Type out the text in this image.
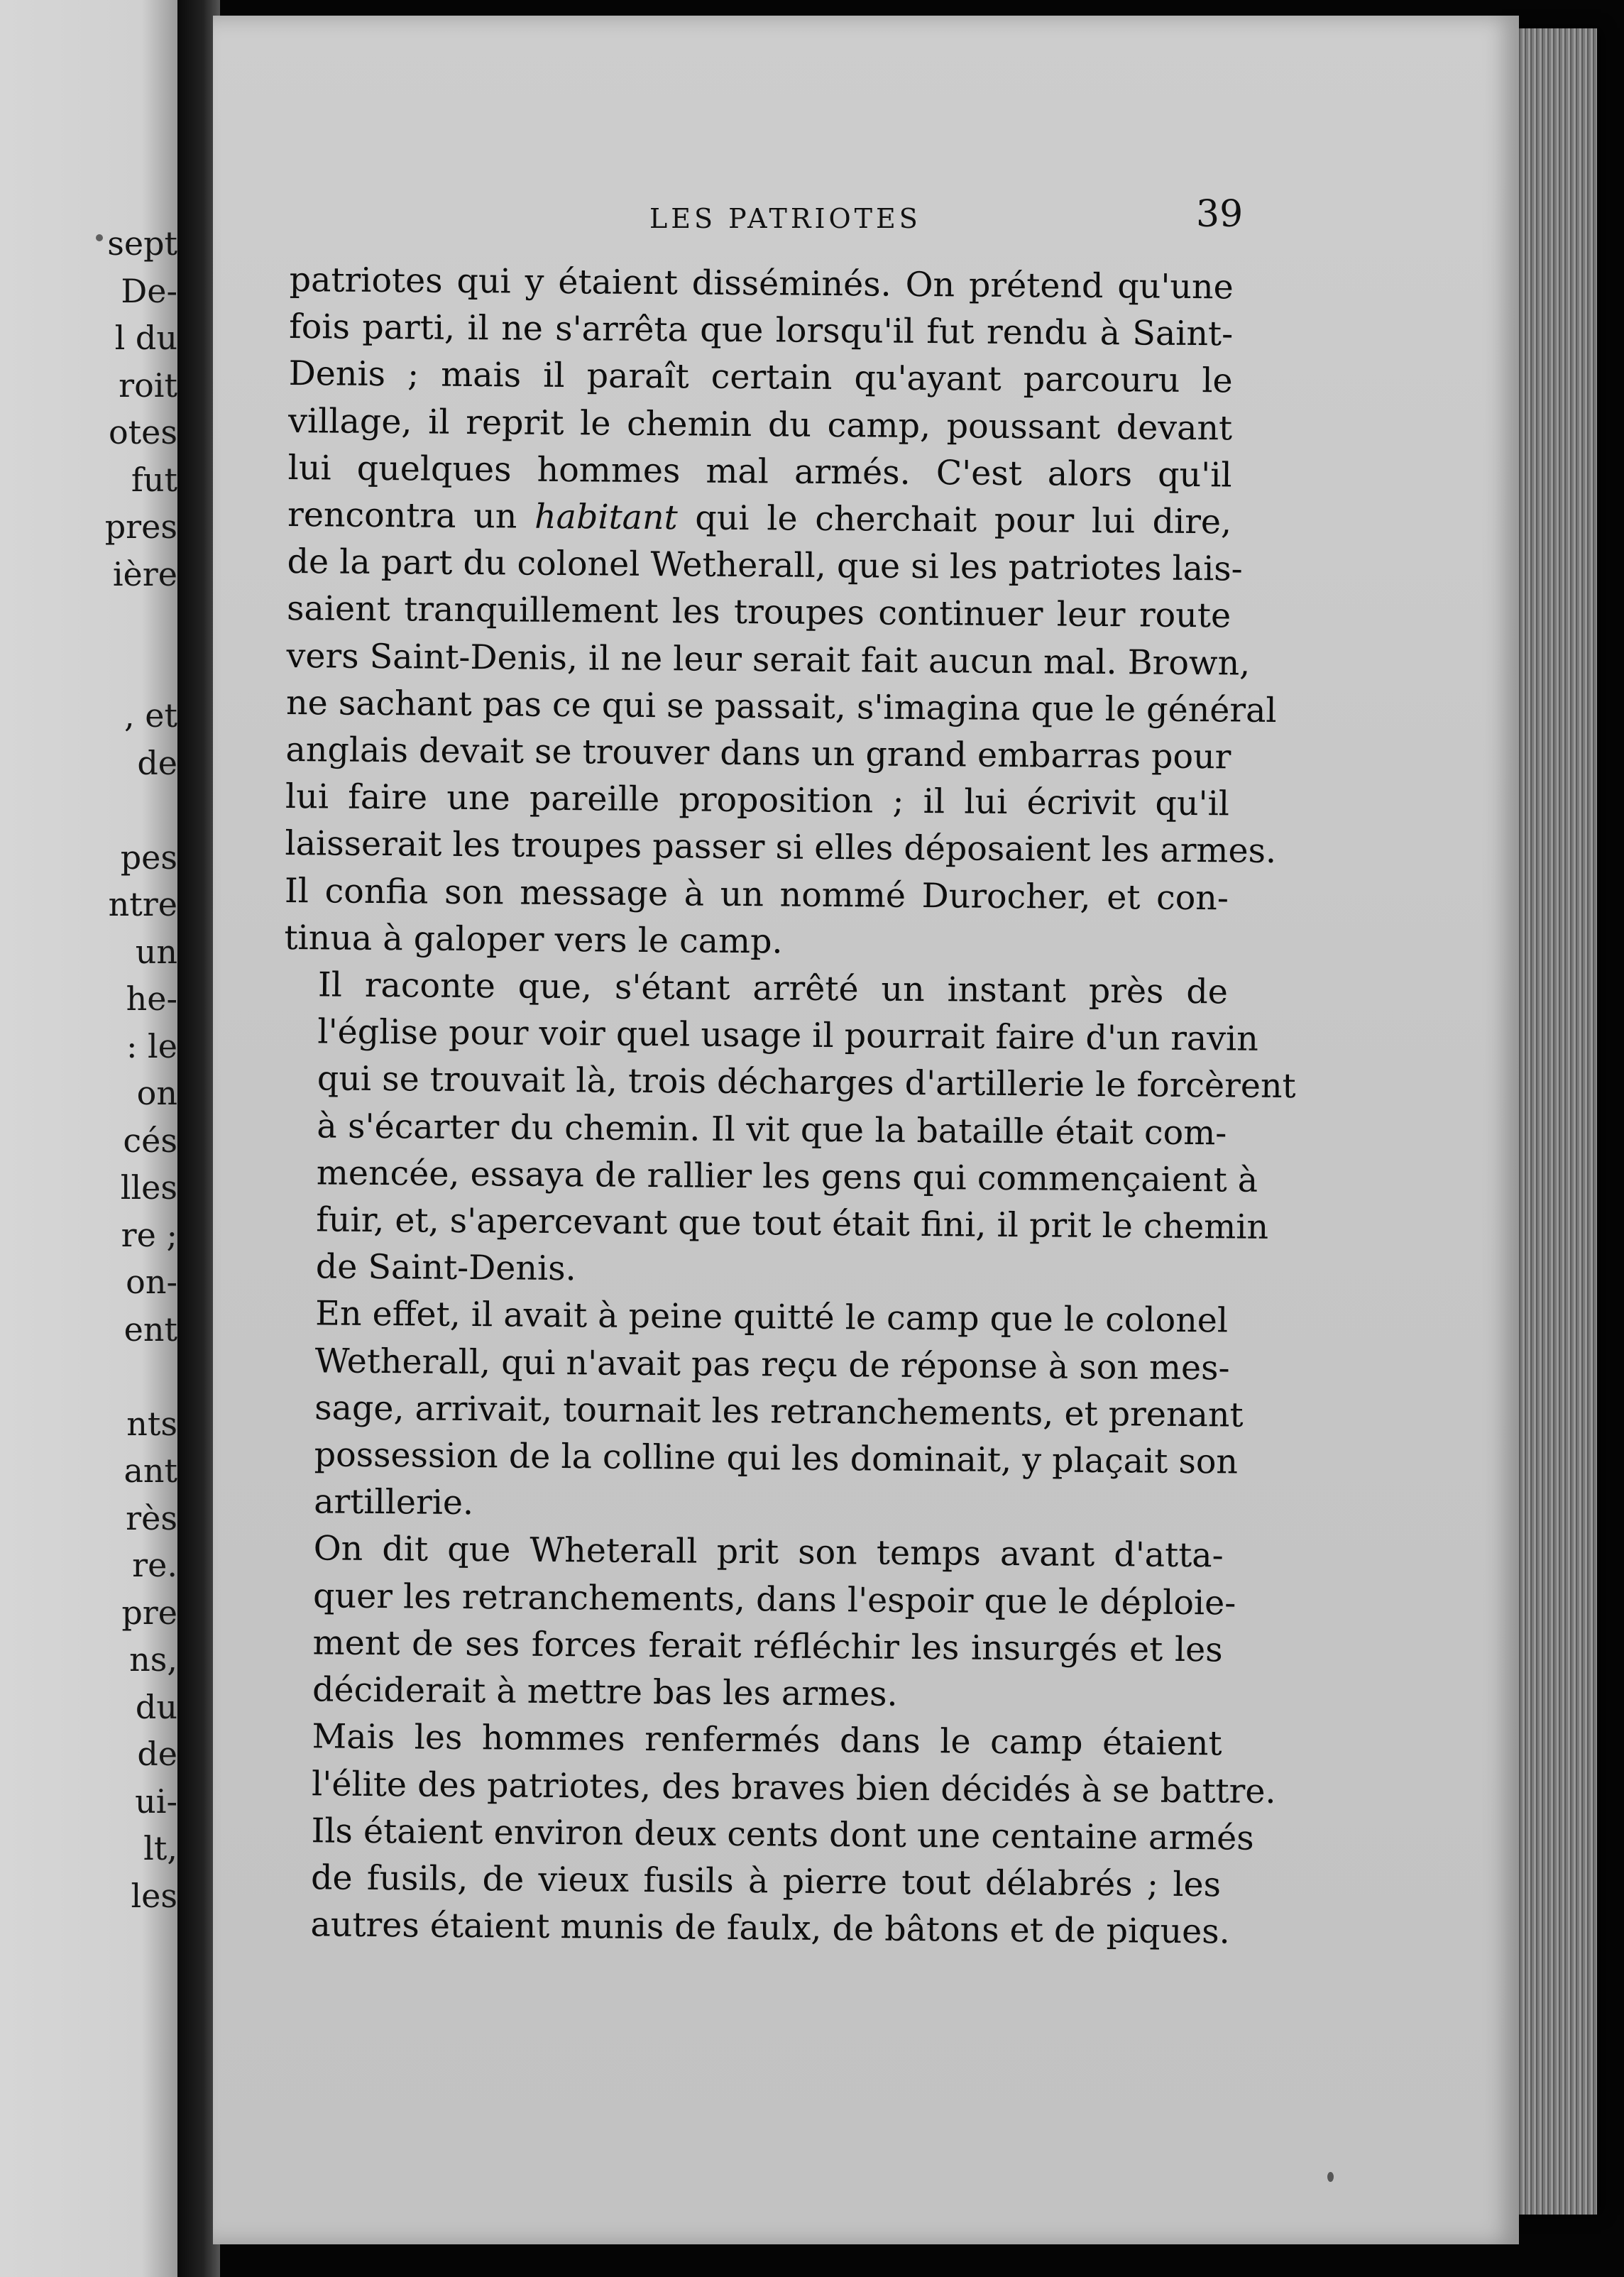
sept
De-
l du
roit
otes
fut
pres
ière
, et
de
pes
ntre
un
he-
: le
on
cés
lles
re ;
on-
ent
nts
ant
rès
re.
pre
ns,
du
de
ui-
lt,
les
LES PATRIOTES	39
patriotes qui y étaient disséminés. On prétend qu'une
fois parti, il ne s'arrêta que lorsqu'il fut rendu à Saint-
Denis ; mais il paraît certain qu'ayant parcouru le
village, il reprit le chemin du camp, poussant devant
lui quelques hommes mal armés. C'est alors qu'il
rencontra un habitant qui le cherchait pour lui dire,
de la part du colonel Wetherall, que si les patriotes lais-
saient tranquillement les troupes continuer leur route
vers Saint-Denis, il ne leur serait fait aucun mal. Brown,
ne sachant pas ce qui se passait, s'imagina que le général
anglais devait se trouver dans un grand embarras pour
lui faire une pareille proposition ; il lui écrivit qu'il
laisserait les troupes passer si elles déposaient les armes.
Il confia son message à un nommé Durocher, et con-
tinua à galoper vers le camp.
Il raconte que, s'étant arrêté un instant près de
l'église pour voir quel usage il pourrait faire d'un ravin
qui se trouvait là, trois décharges d'artillerie le forcèrent
à s'écarter du chemin. Il vit que la bataille était com-
mencée, essaya de rallier les gens qui commençaient à
fuir, et, s'apercevant que tout était fini, il prit le chemin
de Saint-Denis.
En effet, il avait à peine quitté le camp que le colonel
Wetherall, qui n'avait pas reçu de réponse à son mes-
sage, arrivait, tournait les retranchements, et prenant
possession de la colline qui les dominait, y plaçait son
artillerie.
On dit que Wheterall prit son temps avant d'atta-
quer les retranchements, dans l'espoir que le déploie-
ment de ses forces ferait réfléchir les insurgés et les
déciderait à mettre bas les armes.
Mais les hommes renfermés dans le camp étaient
l'élite des patriotes, des braves bien décidés à se battre.
Ils étaient environ deux cents dont une centaine armés
de fusils, de vieux fusils à pierre tout délabrés ; les
autres étaient munis de faulx, de bâtons et de piques.
